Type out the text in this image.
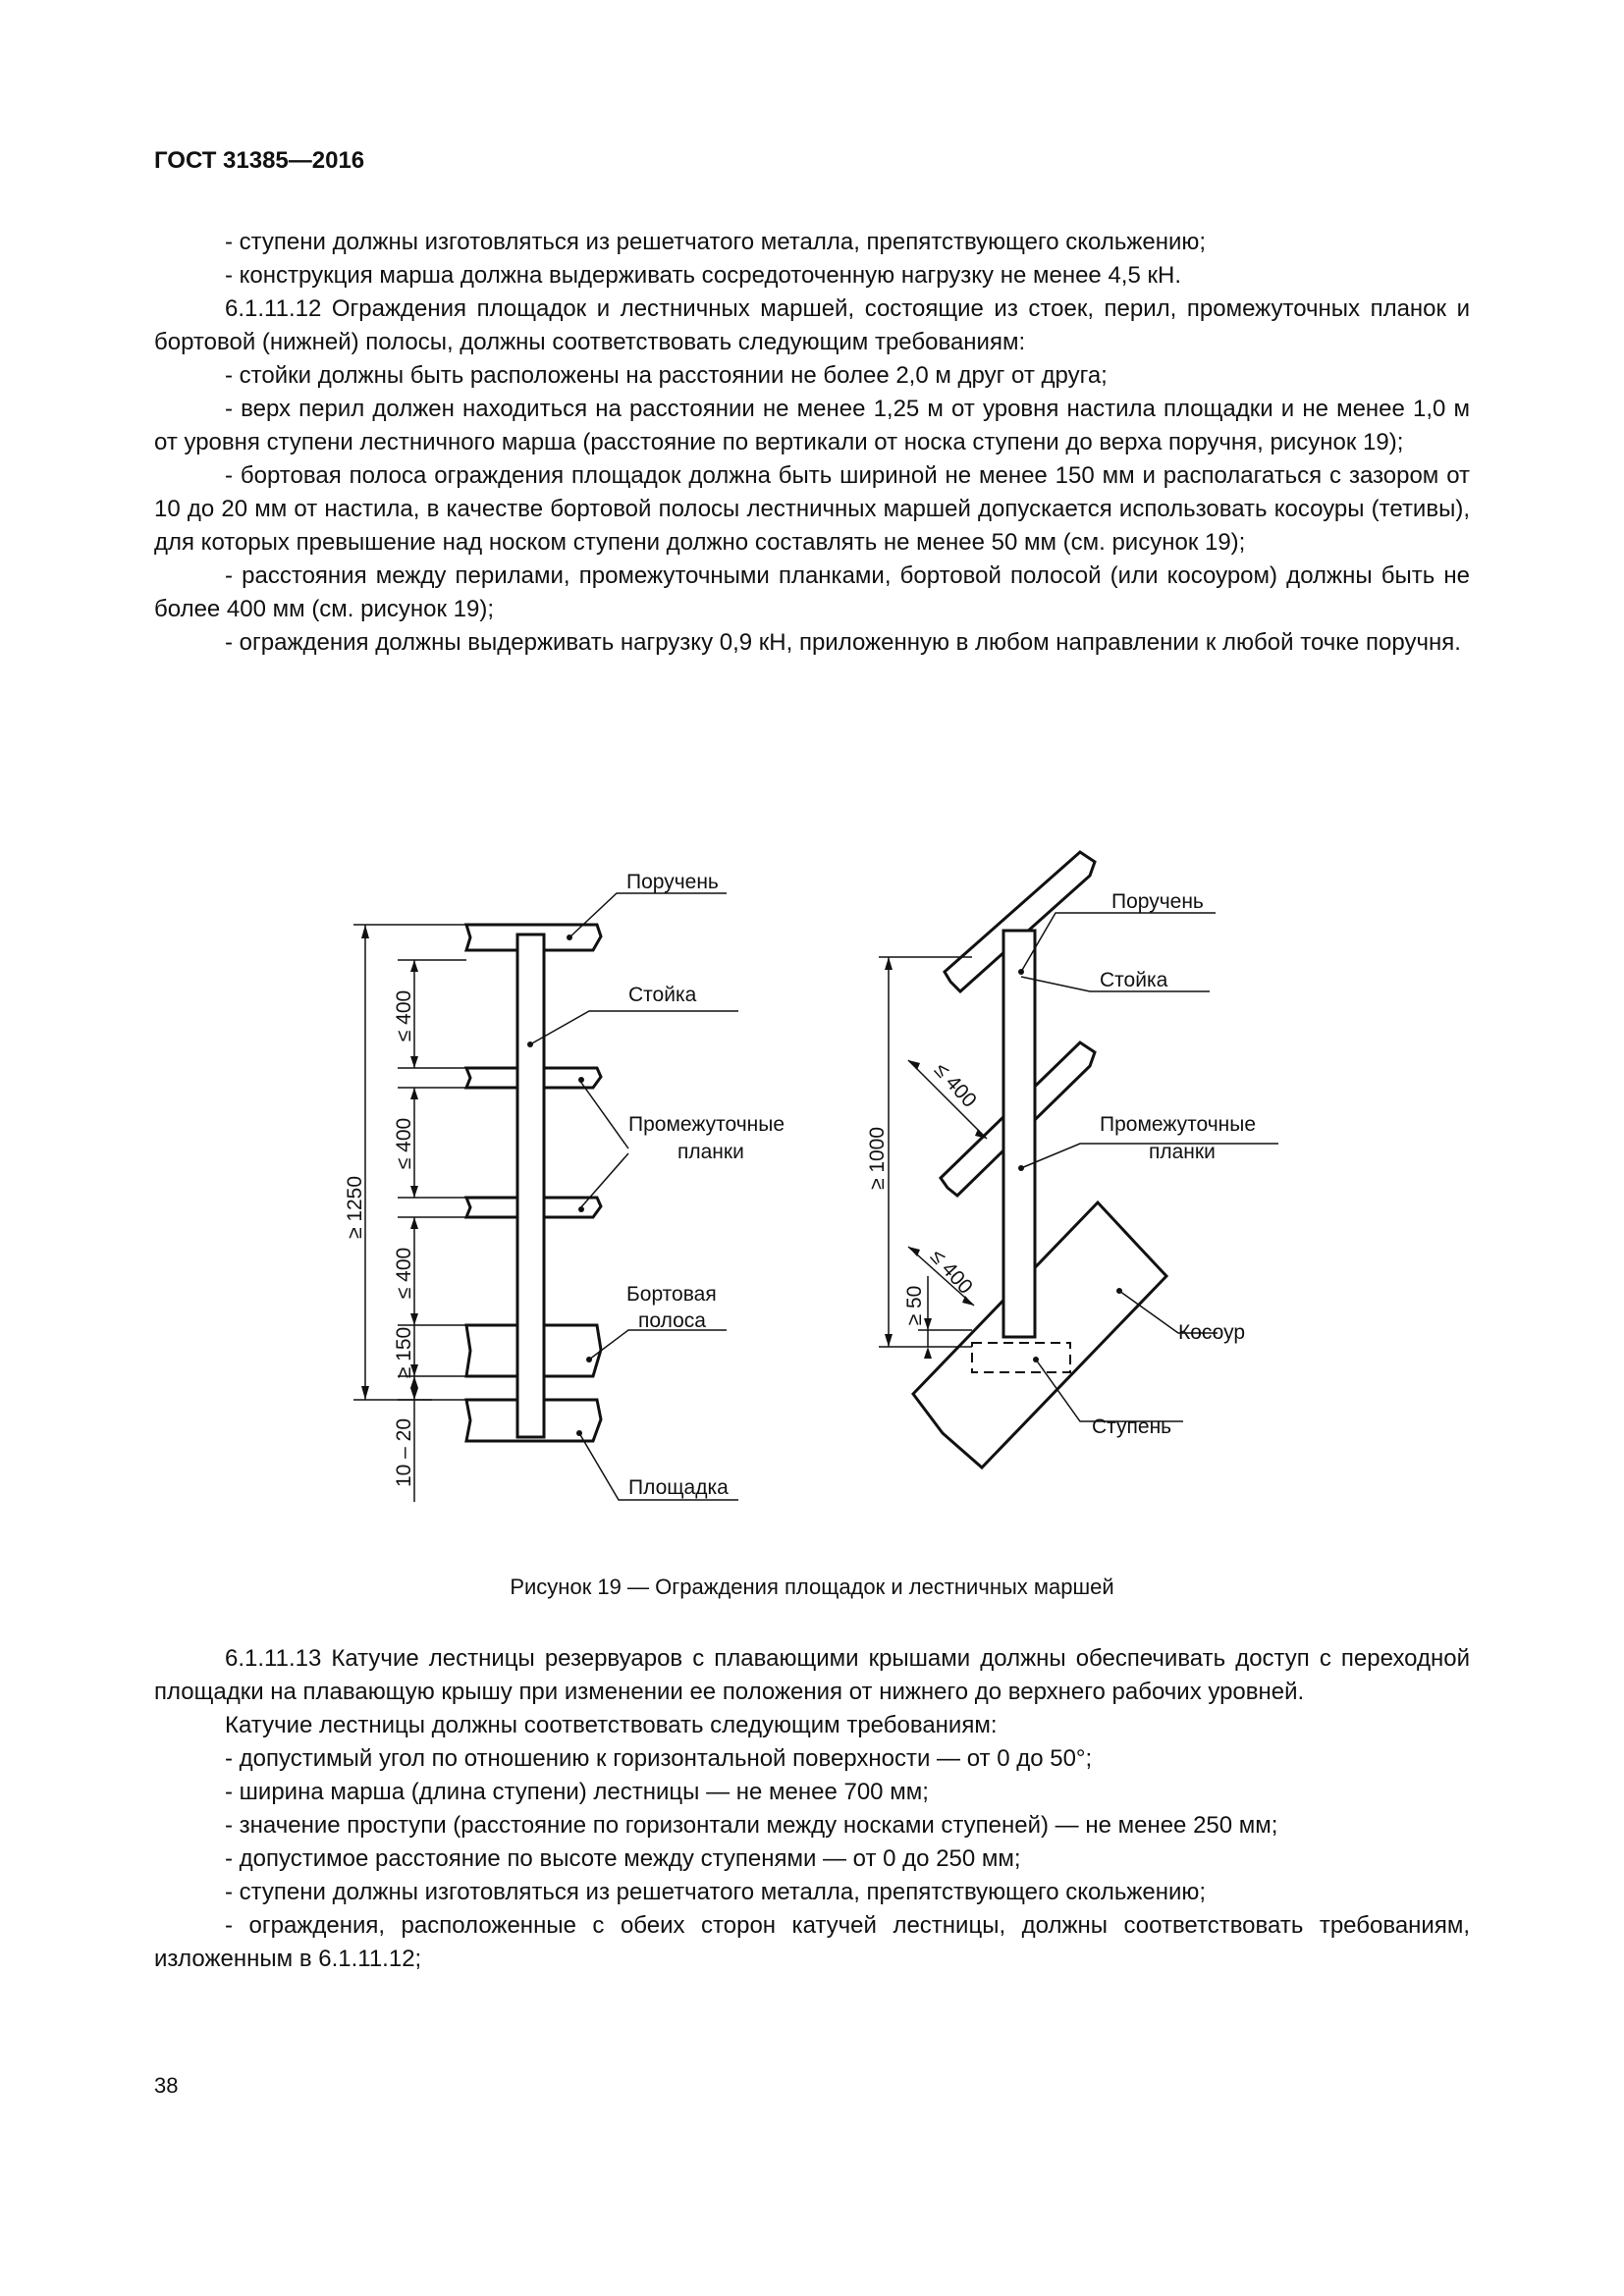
ГОСТ 31385—2016

- ступени должны изготовляться из решетчатого металла, препятствующего скольжению;

- конструкция марша должна выдерживать сосредоточенную нагрузку не менее 4,5 кН.

6.1.11.12 Ограждения площадок и лестничных маршей, состоящие из стоек, перил, промежуточных планок и бортовой (нижней) полосы, должны соответствовать следующим требованиям:

- стойки должны быть расположены на расстоянии не более 2,0 м друг от друга;

- верх перил должен находиться на расстоянии не менее 1,25 м от уровня настила площадки и не менее 1,0 м от уровня ступени лестничного марша (расстояние по вертикали от носка ступени до верха поручня, рисунок 19);

- бортовая полоса ограждения площадок должна быть шириной не менее 150 мм и располагаться с зазором от 10 до 20 мм от настила, в качестве бортовой полосы лестничных маршей допускается использовать косоуры (тетивы), для которых превышение над носком ступени должно составлять не менее 50 мм (см. рисунок 19);

- расстояния между перилами, промежуточными планками, бортовой полосой (или косоуром) должны быть не более 400 мм (см. рисунок 19);

- ограждения должны выдерживать нагрузку 0,9 кН, приложенную в любом направлении к любой точке поручня.

Поручень
Стойка
Промежуточные
планки
Бортовая
полоса
Площадка
≥ 1250
≤ 400
≤ 400
≤ 400
≥ 150
10 – 20
Поручень
Стойка
Промежуточные
планки
Косоур
Ступень
≥ 1000
≤ 400
≤ 400
≥ 50
Рисунок 19 — Ограждения площадок и лестничных маршей

6.1.11.13 Катучие лестницы резервуаров с плавающими крышами должны обеспечивать доступ с переходной площадки на плавающую крышу при изменении ее положения от нижнего до верхнего рабочих уровней.

Катучие лестницы должны соответствовать следующим требованиям:

- допустимый угол по отношению к горизонтальной поверхности — от 0 до 50°;

- ширина марша (длина ступени) лестницы — не менее 700 мм;

- значение проступи (расстояние по горизонтали между носками ступеней) — не менее 250 мм;

- допустимое расстояние по высоте между ступенями — от 0 до 250 мм;

- ступени должны изготовляться из решетчатого металла, препятствующего скольжению;

- ограждения, расположенные с обеих сторон катучей лестницы, должны соответствовать требованиям, изложенным в 6.1.11.12;

38
